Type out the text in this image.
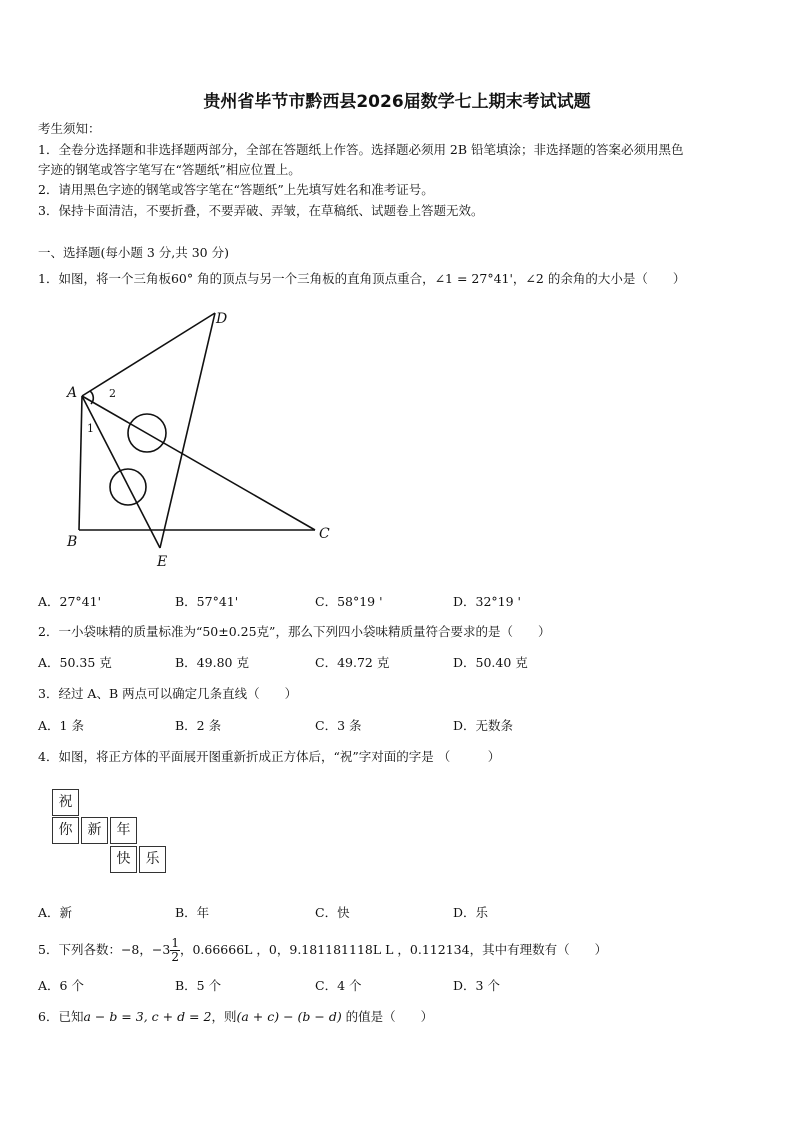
贵州省毕节市黔西县2026届数学七上期末考试试题
考生须知：
1．全卷分选择题和非选择题两部分，全部在答题纸上作答。选择题必须用 2B 铅笔填涂；非选择题的答案必须用黑色
字迹的钢笔或答字笔写在“答题纸”相应位置上。
2．请用黑色字迹的钢笔或答字笔在“答题纸”上先填写姓名和准考证号。
3．保持卡面清洁，不要折叠，不要弄破、弄皱，在草稿纸、试题卷上答题无效。
一、选择题(每小题 3 分,共 30 分)
1．如图，将一个三角板60° 角的顶点与另一个三角板的直角顶点重合，∠1 = 27°41'，∠2 的余角的大小是（　　）
A
B	C
D
E
2
1
A．27°41'	B．57°41'	C．58°19 '	D．32°19 '
2．一小袋味精的质量标准为“50±0.25克”，那么下列四小袋味精质量符合要求的是（　　）
A．50.35 克	B．49.80 克	C．49.72 克	D．50.40 克
3．经过 A、B 两点可以确定几条直线（　　）
A．1 条	B．2 条	C．3 条	D．无数条
4．如图，将正方体的平面展开图重新折成正方体后，“祝”字对面的字是 （　　　）
祝
你	新	年
快	乐
A．新	B．年	C．快	D．乐
5．下列各数：−8，$-3 \frac{1}{2}$ ，0.66666L ，0，9.181181118L L ，0.112134，其中有理数有（　　）
A．6 个	B．5 个	C．4 个	D．3 个
6．已知a − b = 3, c + d = 2，则(a + c) − (b − d) 的值是（　　）
